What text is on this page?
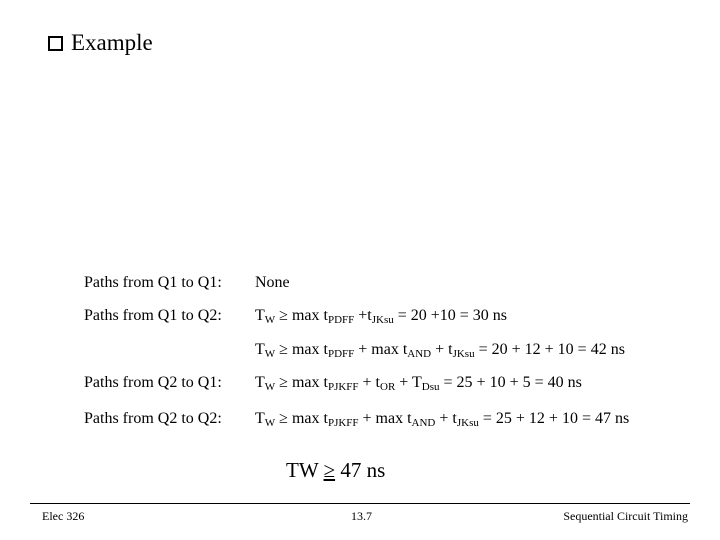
Example
Paths from Q1 to Q1: None
Paths from Q1 to Q2: $T_W \ge \max t_{PDFF} +t_{JKsu} = 20 +10 = 30$ ns
$T_W \ge \max t_{PDFF} + \max t_{AND} + t_{JKsu} = 20 + 12 + 10 = 42$ ns
Paths from Q2 to Q1: $T_W \ge \max t_{PJKFF} + t_{OR} + T_{Dsu} = 25 + 10 + 5 = 40$ ns
Paths from Q2 to Q2: $T_W \ge \max t_{PJKFF} + \max t_{AND} + t_{JKsu} = 25 + 12 + 10 = 47$ ns
TW ≥ 47 ns
Elec 326	13.7	Sequential Circuit Timing
